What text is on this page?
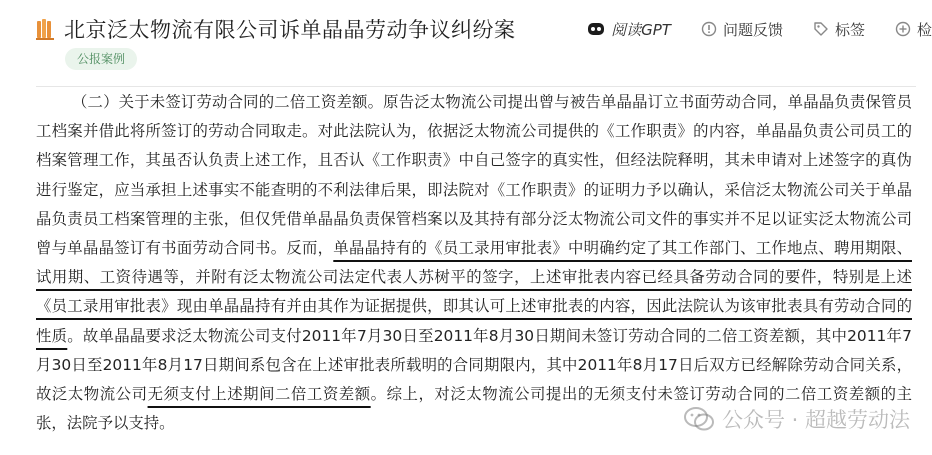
北京泛太物流有限公司诉单晶晶劳动争议纠纷案
公报案例
阅读GPT	问题反馈	标签	检

（二）关于未签订劳动合同的二倍工资差额。原告泛太物流公司提出曾与被告单晶晶订立书面劳动合同，单晶晶负责保管员工档案并借此将所签订的劳动合同取走。对此法院认为，依据泛太物流公司提供的《工作职责》的内容，单晶晶负责公司员工的档案管理工作，其虽否认负责上述工作，且否认《工作职责》中自己签字的真实性，但经法院释明，其未申请对上述签字的真伪进行鉴定，应当承担上述事实不能查明的不利法律后果，即法院对《工作职责》的证明力予以确认，采信泛太物流公司关于单晶晶负责员工档案管理的主张，但仅凭借单晶晶负责保管档案以及其持有部分泛太物流公司文件的事实并不足以证实泛太物流公司曾与单晶晶签订有书面劳动合同书。反而，单晶晶持有的《员工录用审批表》中明确约定了其工作部门、工作地点、聘用期限、试用期、工资待遇等，并附有泛太物流公司法定代表人苏树平的签字，上述审批表内容已经具备劳动合同的要件，特别是上述《员工录用审批表》现由单晶晶持有并由其作为证据提供，即其认可上述审批表的内容，因此法院认为该审批表具有劳动合同的性质。故单晶晶要求泛太物流公司支付2011年7月30日至2011年8月30日期间未签订劳动合同的二倍工资差额，其中2011年7月30日至2011年8月17日期间系包含在上述审批表所载明的合同期限内，其中2011年8月17日后双方已经解除劳动合同关系，故泛太物流公司无须支付上述期间二倍工资差额。综上，对泛太物流公司提出的无须支付未签订劳动合同的二倍工资差额的主张，法院予以支持。	公众号 · 超越劳动法
